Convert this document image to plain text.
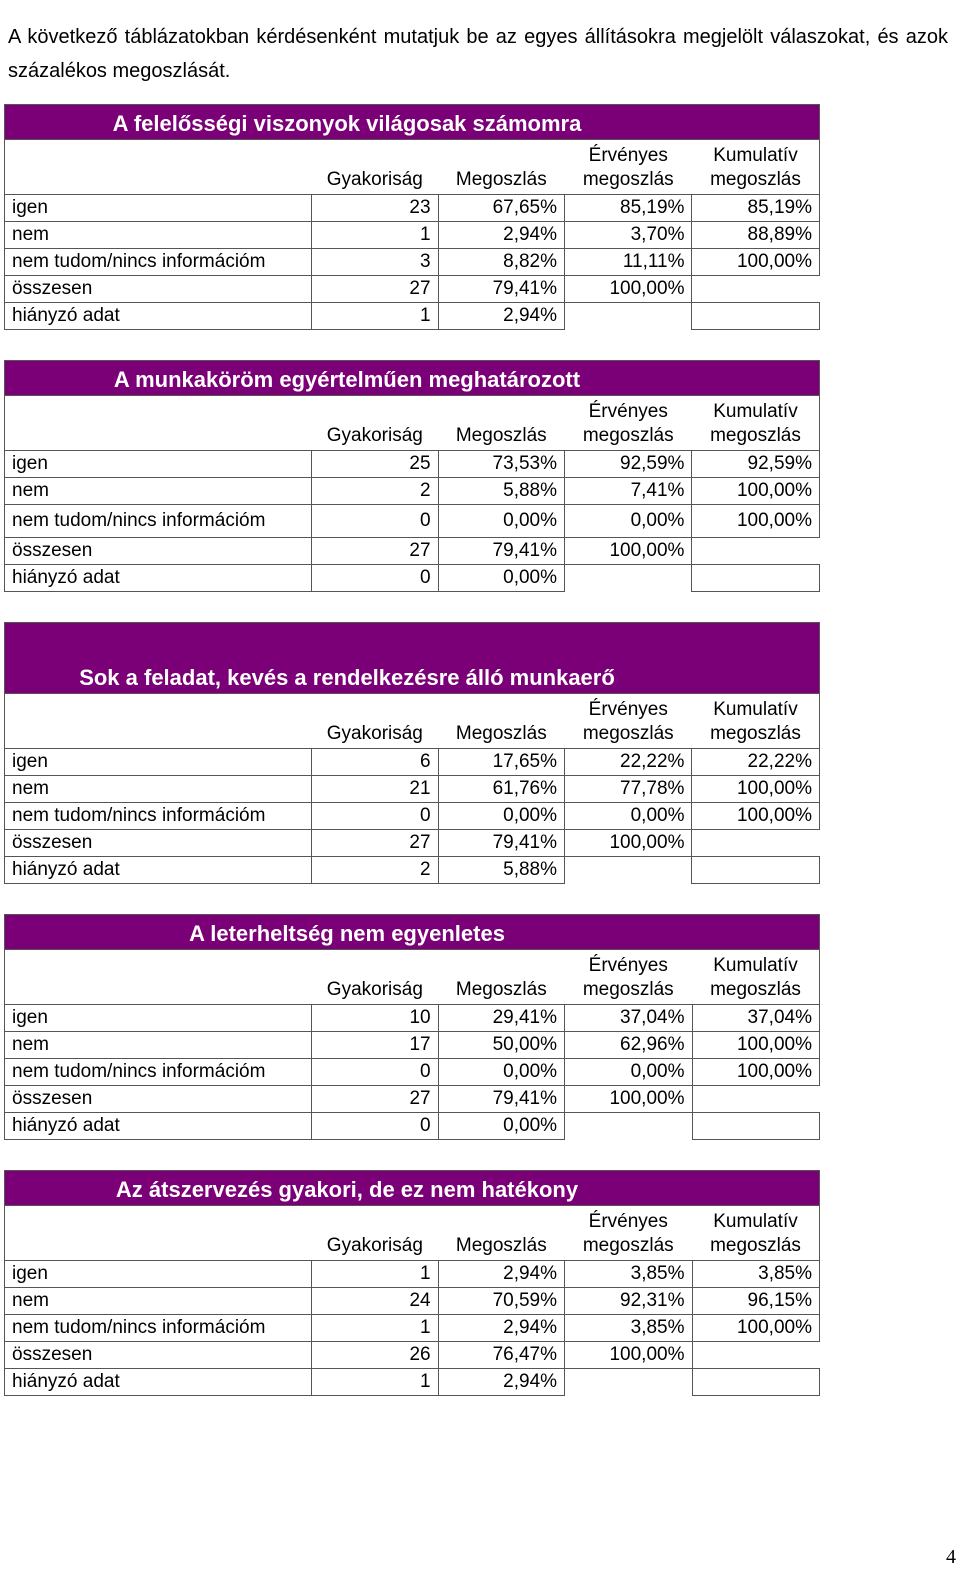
A következő táblázatokban kérdésenként mutatjuk be az egyes állításokra megjelölt válaszokat, és azok százalékos megoszlását.

A felelősségi viszonyok világosak számomra				
	Gyakoriság	Megoszlás	Érvényes
megoszlás	Kumulatív
megoszlás
igen	23	67,65%	85,19%	85,19%
nem	1	2,94%	3,70%	88,89%
nem tudom/nincs információm	3	8,82%	11,11%	100,00%
összesen	27	79,41%	100,00%	
hiányzó adat	1	2,94%		
A munkaköröm egyértelműen meghatározott				
	Gyakoriság	Megoszlás	Érvényes
megoszlás	Kumulatív
megoszlás
igen	25	73,53%	92,59%	92,59%
nem	2	5,88%	7,41%	100,00%
nem tudom/nincs információm	0	0,00%	0,00%	100,00%
összesen	27	79,41%	100,00%	
hiányzó adat	0	0,00%		
Sok a feladat, kevés a rendelkezésre álló munkaerő				
	Gyakoriság	Megoszlás	Érvényes
megoszlás	Kumulatív
megoszlás
igen	6	17,65%	22,22%	22,22%
nem	21	61,76%	77,78%	100,00%
nem tudom/nincs információm	0	0,00%	0,00%	100,00%
összesen	27	79,41%	100,00%	
hiányzó adat	2	5,88%		
A leterheltség nem egyenletes				
	Gyakoriság	Megoszlás	Érvényes
megoszlás	Kumulatív
megoszlás
igen	10	29,41%	37,04%	37,04%
nem	17	50,00%	62,96%	100,00%
nem tudom/nincs információm	0	0,00%	0,00%	100,00%
összesen	27	79,41%	100,00%	
hiányzó adat	0	0,00%		
Az átszervezés gyakori, de ez nem hatékony				
	Gyakoriság	Megoszlás	Érvényes
megoszlás	Kumulatív
megoszlás
igen	1	2,94%	3,85%	3,85%
nem	24	70,59%	92,31%	96,15%
nem tudom/nincs információm	1	2,94%	3,85%	100,00%
összesen	26	76,47%	100,00%	
hiányzó adat	1	2,94%		
4
